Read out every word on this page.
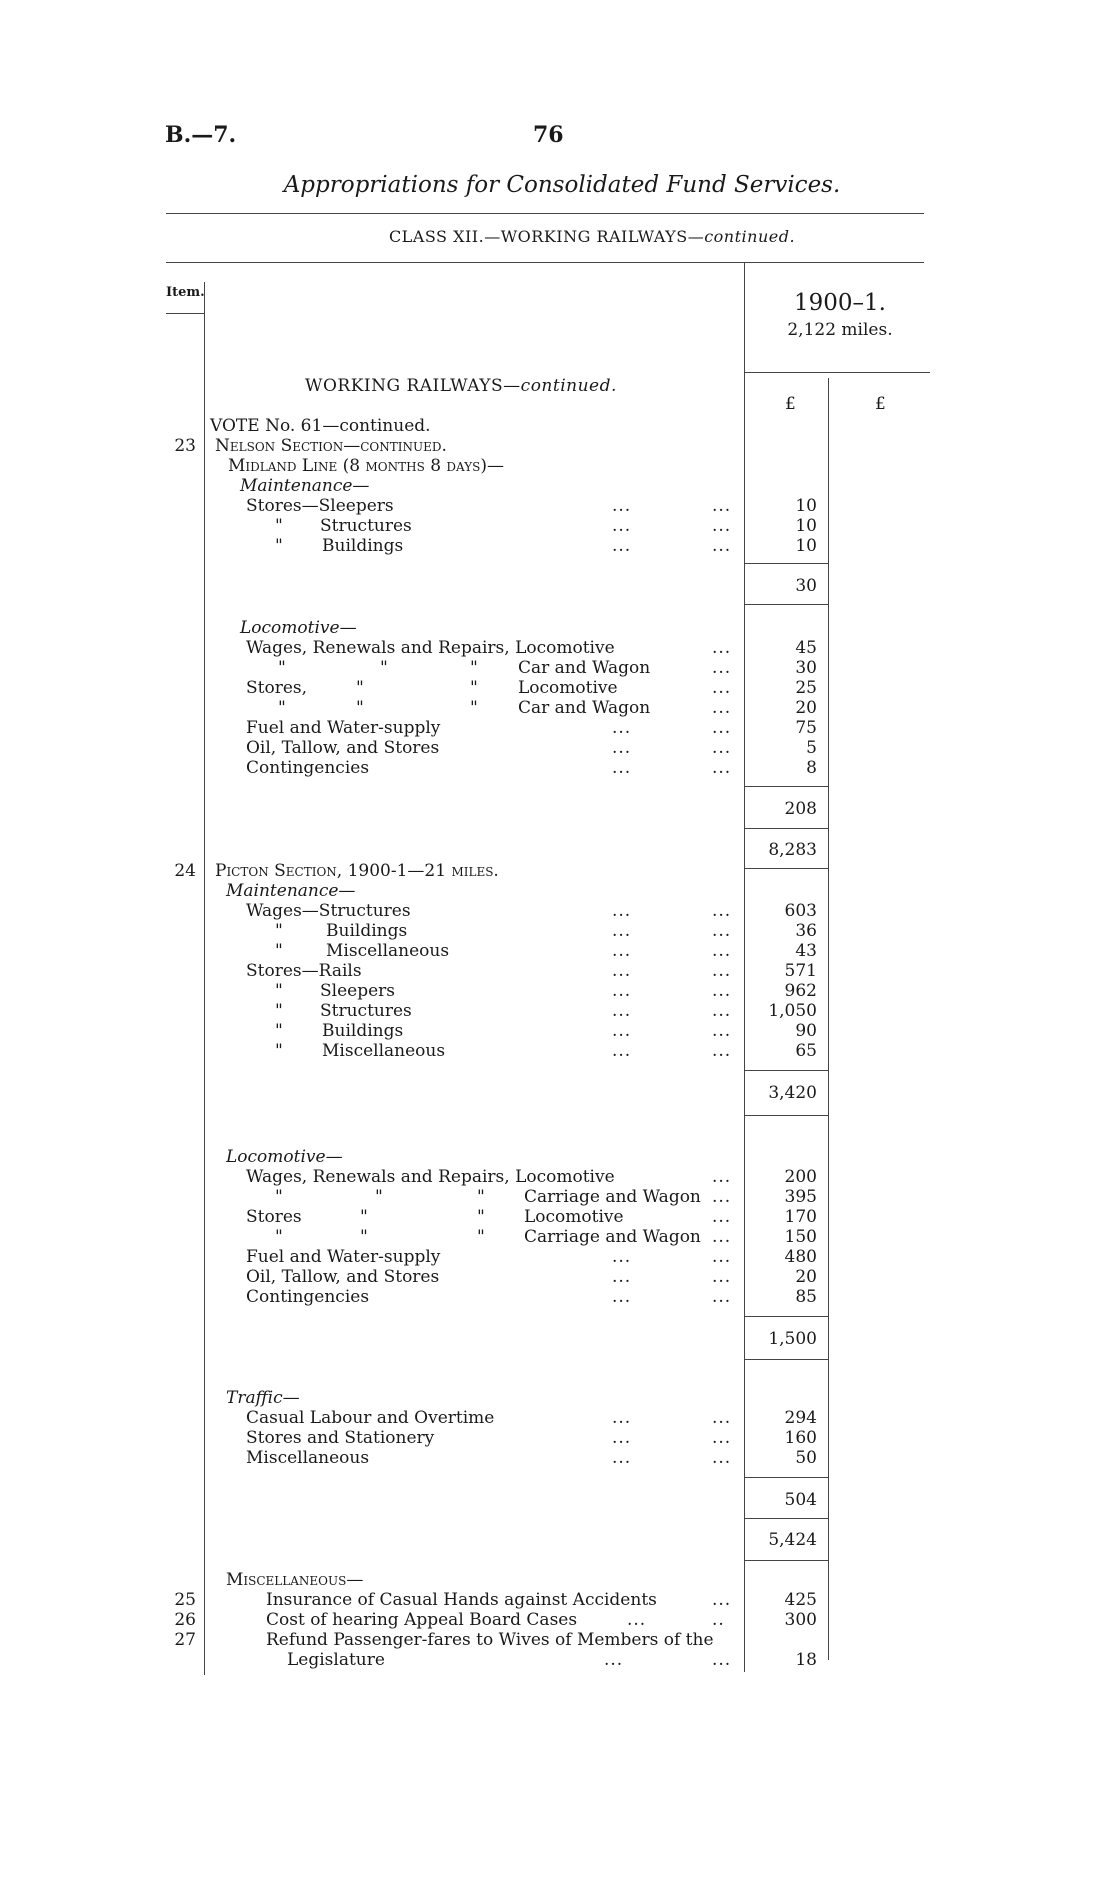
B.—7.	76
Appropriations for Consolidated Fund Services.
CLASS XII.—WORKING RAILWAYS—continued.
Item.	1900–1.
2,122 miles.
WORKING RAILWAYS—continued.
£	£
VOTE No. 61—continued.
23 Nelson Section—continued.
Midland Line (8 months 8 days)—
Maintenance—
Stores—Sleepers	...	...	10
" Structures	...	...	10
" Buildings	...	...	10
30
Locomotive—
Wages, Renewals and Repairs, Locomotive	...	45
"	"	" Car and Wagon	...	30
Stores,	"	" Locomotive	...	25
"	"	" Car and Wagon	...	20
Fuel and Water-supply	...	...	75
Oil, Tallow, and Stores	...	...	5
Contingencies	...	...	8
208
8,283
24 Picton Section, 1900-1—21 miles.
Maintenance—
Wages—Structures	...	...	603
"	Buildings	...	...	36
"	Miscellaneous	...	...	43
Stores—Rails	...	...	571
" Sleepers	...	...	962
" Structures	...	...	1,050
" Buildings	...	...	90
" Miscellaneous	...	...	65
3,420
Locomotive—
Wages, Renewals and Repairs, Locomotive	...	200
"	"	" Carriage and Wagon ...	395
Stores	"	" Locomotive	...	170
"	"	" Carriage and Wagon ...	150
Fuel and Water-supply	...	...	480
Oil, Tallow, and Stores	...	...	20
Contingencies	...	...	85
1,500
Traffic—
Casual Labour and Overtime	...	...	294
Stores and Stationery	...	...	160
Miscellaneous	...	...	50
504
5,424
Miscellaneous—
25	Insurance of Casual Hands against Accidents	...	425
26	Cost of hearing Appeal Board Cases	...	..	300
27	Refund Passenger-fares to Wives of Members of the
Legislature	...	...	18
